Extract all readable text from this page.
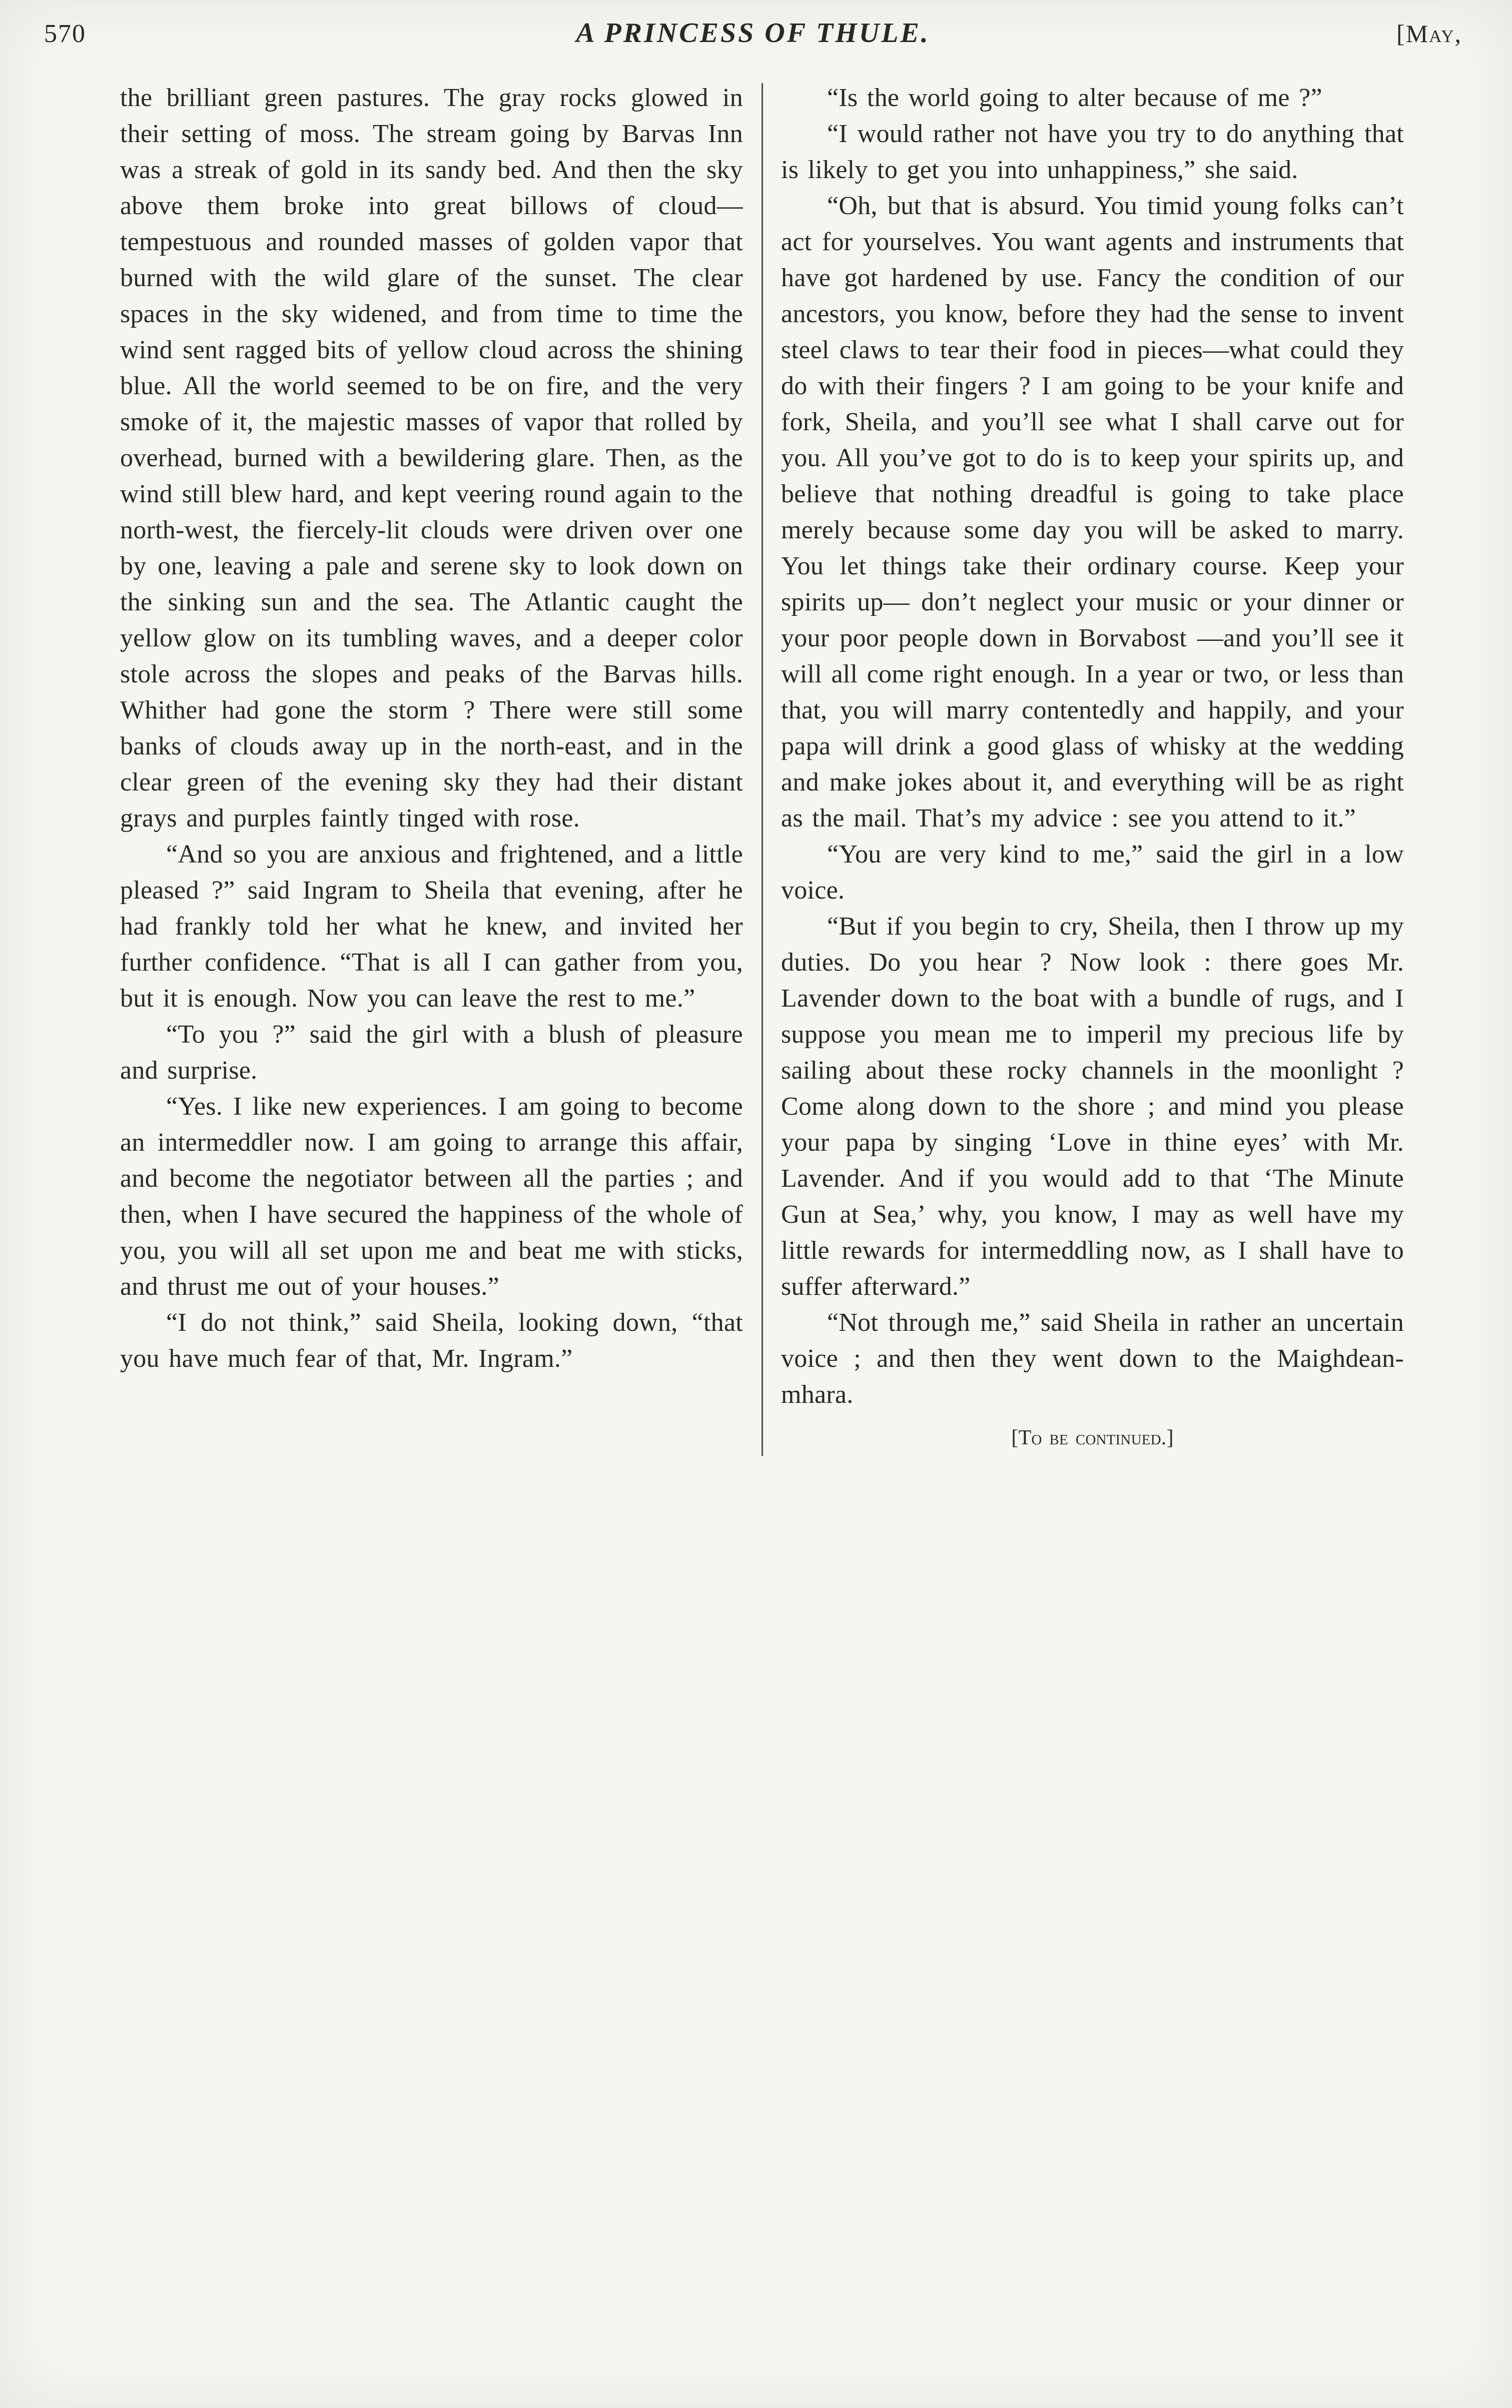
570	A PRINCESS OF THULE.	[May,

the brilliant green pastures. The gray rocks glowed in their setting of moss. The stream going by Barvas Inn was a streak of gold in its sandy bed. And then the sky above them broke into great billows of cloud—tempestuous and rounded masses of golden vapor that burned with the wild glare of the sunset. The clear spaces in the sky widened, and from time to time the wind sent ragged bits of yellow cloud across the shining blue. All the world seemed to be on fire, and the very smoke of it, the majestic masses of vapor that rolled by overhead, burned with a bewildering glare. Then, as the wind still blew hard, and kept veering round again to the north-west, the fiercely-lit clouds were driven over one by one, leaving a pale and serene sky to look down on the sinking sun and the sea. The Atlantic caught the yellow glow on its tumbling waves, and a deeper color stole across the slopes and peaks of the Barvas hills. Whither had gone the storm ? There were still some banks of clouds away up in the north-east, and in the clear green of the evening sky they had their distant grays and purples faintly tinged with rose.

“And so you are anxious and frightened, and a little pleased ?” said Ingram to Sheila that evening, after he had frankly told her what he knew, and invited her further confidence. “That is all I can gather from you, but it is enough. Now you can leave the rest to me.”

“To you ?” said the girl with a blush of pleasure and surprise.

“Yes. I like new experiences. I am going to become an intermeddler now. I am going to arrange this affair, and become the negotiator between all the parties ; and then, when I have secured the happiness of the whole of you, you will all set upon me and beat me with sticks, and thrust me out of your houses.”

“I do not think,” said Sheila, looking down, “that you have much fear of that, Mr. Ingram.”

“Is the world going to alter because of me ?”

“I would rather not have you try to do anything that is likely to get you into unhappiness,” she said.

“Oh, but that is absurd. You timid young folks can’t act for yourselves. You want agents and instruments that have got hardened by use. Fancy the condition of our ancestors, you know, before they had the sense to invent steel claws to tear their food in pieces—what could they do with their fingers ? I am going to be your knife and fork, Sheila, and you’ll see what I shall carve out for you. All you’ve got to do is to keep your spirits up, and believe that nothing dreadful is going to take place merely because some day you will be asked to marry. You let things take their ordinary course. Keep your spirits up— don’t neglect your music or your dinner or your poor people down in Borvabost —and you’ll see it will all come right enough. In a year or two, or less than that, you will marry contentedly and happily, and your papa will drink a good glass of whisky at the wedding and make jokes about it, and everything will be as right as the mail. That’s my advice : see you attend to it.”

“You are very kind to me,” said the girl in a low voice.

“But if you begin to cry, Sheila, then I throw up my duties. Do you hear ? Now look : there goes Mr. Lavender down to the boat with a bundle of rugs, and I suppose you mean me to imperil my precious life by sailing about these rocky channels in the moonlight ? Come along down to the shore ; and mind you please your papa by singing ‘Love in thine eyes’ with Mr. Lavender. And if you would add to that ‘The Minute Gun at Sea,’ why, you know, I may as well have my little rewards for intermeddling now, as I shall have to suffer afterward.”

“Not through me,” said Sheila in rather an uncertain voice ; and then they went down to the Maighdean-mhara.

[To be continued.]
